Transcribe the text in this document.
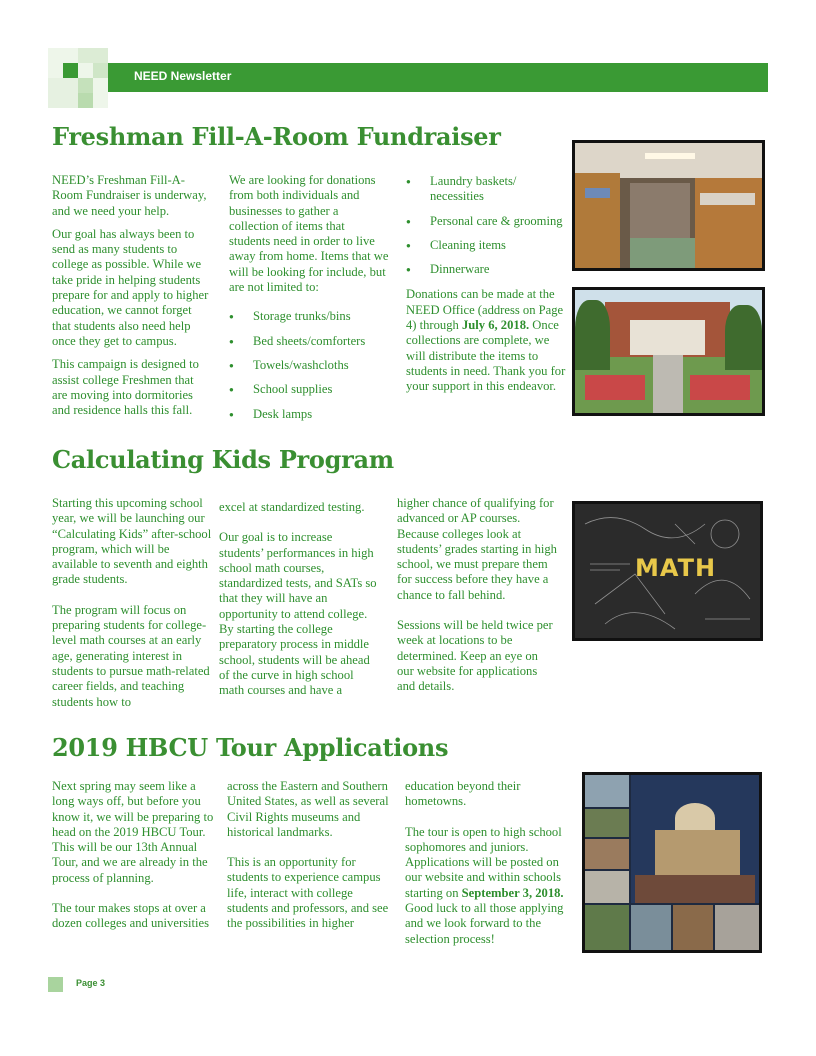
NEED Newsletter
Freshman Fill-A-Room Fundraiser

NEED’s Freshman Fill-A-Room Fundraiser is underway, and we need your help.

Our goal has always been to send as many students to college as possible. While we take pride in helping students prepare for and apply to higher education, we cannot forget that students also need help once they get to campus.

This campaign is designed to assist college Freshmen that are moving into dormitories and residence halls this fall.

We are looking for donations from both individuals and businesses to gather a collection of items that students need in order to live away from home. Items that we will be looking for include, but are not limited to:

● Storage trunks/bins
● Bed sheets/comforters
● Towels/washcloths
● School supplies
● Desk lamps
● Laundry baskets/ necessities
● Personal care & grooming
● Cleaning items
● Dinnerware

Donations can be made at the NEED Office (address on Page 4) through July 6, 2018. Once collections are complete, we will distribute the items to students in need. Thank you for your support in this endeavor.

Calculating Kids Program

Starting this upcoming school year, we will be launching our “Calculating Kids” after-school program, which will be available to seventh and eighth grade students.

The program will focus on preparing students for college-level math courses at an early age, generating interest in students to pursue math-related career fields, and teaching students how to

excel at standardized testing.

Our goal is to increase students’ performances in high school math courses, standardized tests, and SATs so that they will have an opportunity to attend college. By starting the college preparatory process in middle school, students will be ahead of the curve in high school math courses and have a

higher chance of qualifying for advanced or AP courses. Because colleges look at students’ grades starting in high school, we must prepare them for success before they have a chance to fall behind.

Sessions will be held twice per week at locations to be determined. Keep an eye on our website for applications and details.

MATH
2019 HBCU Tour Applications

Next spring may seem like a long ways off, but before you know it, we will be preparing to head on the 2019 HBCU Tour. This will be our 13th Annual Tour, and we are already in the process of planning.

The tour makes stops at over a dozen colleges and universities

across the Eastern and Southern United States, as well as several Civil Rights museums and historical landmarks.

This is an opportunity for students to experience campus life, interact with college students and professors, and see the possibilities in higher

education beyond their hometowns.

The tour is open to high school sophomores and juniors. Applications will be posted on our website and within schools starting on September 3, 2018. Good luck to all those applying and we look forward to the selection process!

Page 3
